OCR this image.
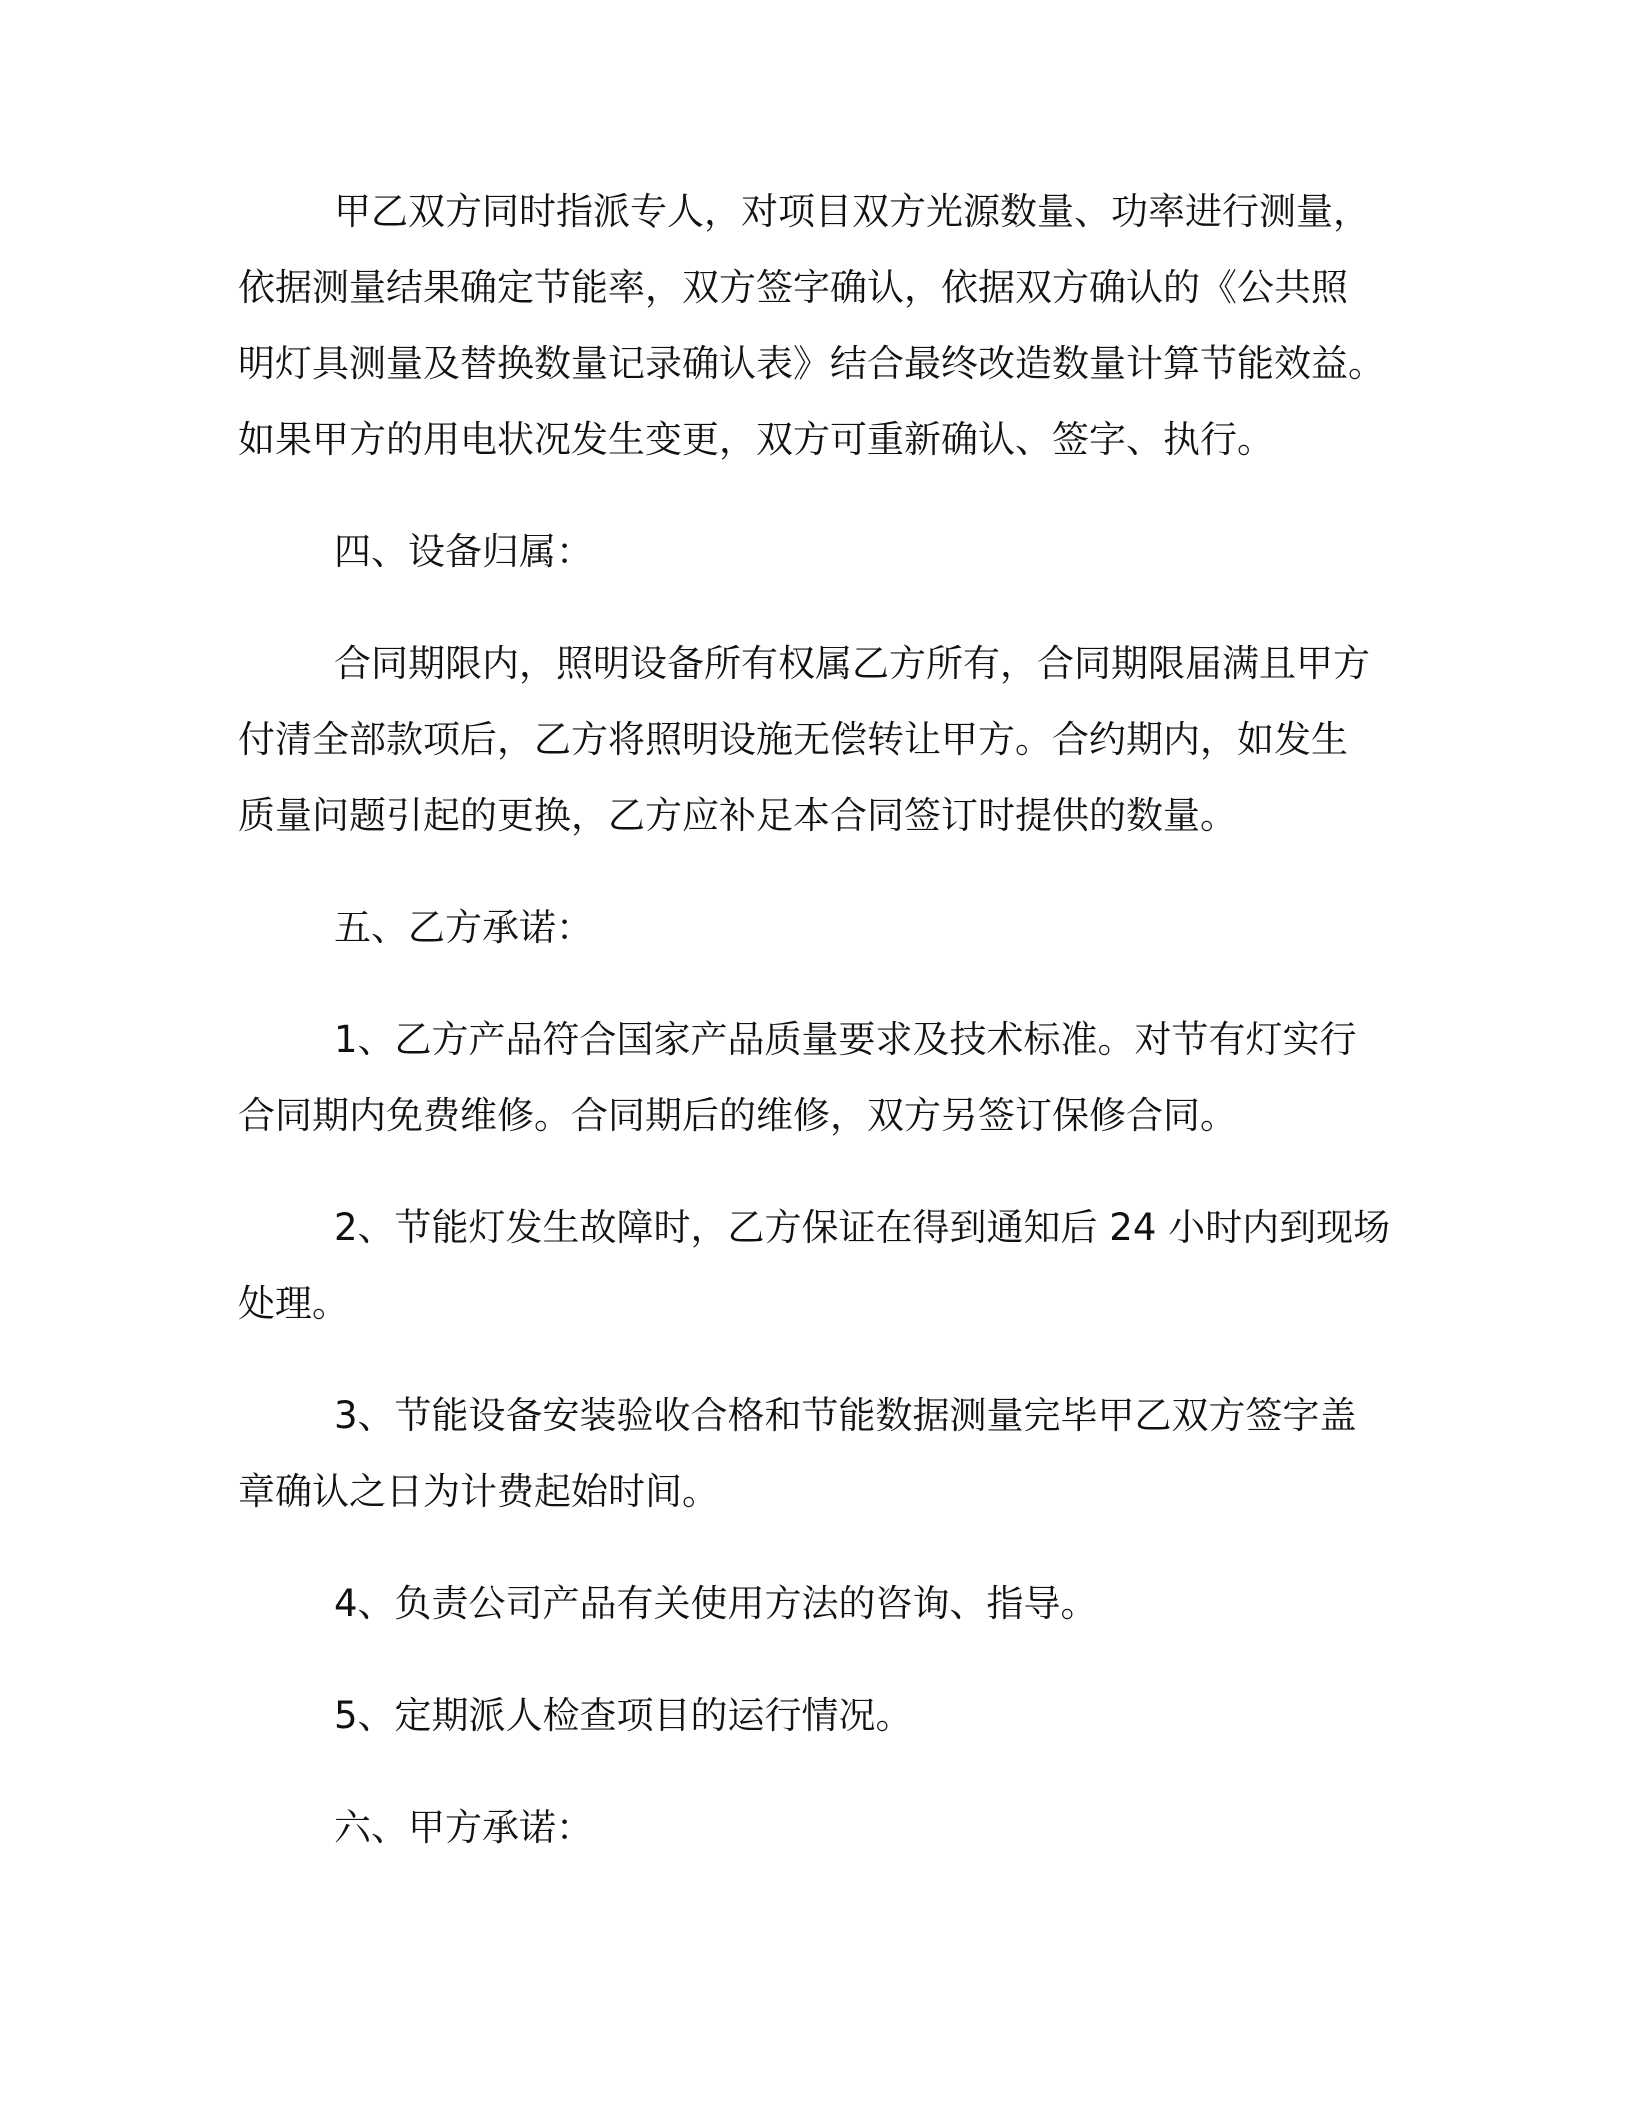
甲乙双方同时指派专人，对项目双方光源数量、功率进行测量，
依据测量结果确定节能率，双方签字确认，依据双方确认的《公共照
明灯具测量及替换数量记录确认表》结合最终改造数量计算节能效益。
如果甲方的用电状况发生变更，双方可重新确认、签字、执行。
四、设备归属：
合同期限内，照明设备所有权属乙方所有，合同期限届满且甲方
付清全部款项后，乙方将照明设施无偿转让甲方。合约期内，如发生
质量问题引起的更换，乙方应补足本合同签订时提供的数量。
五、乙方承诺：
1、乙方产品符合国家产品质量要求及技术标准。对节有灯实行
合同期内免费维修。合同期后的维修，双方另签订保修合同。
2、节能灯发生故障时，乙方保证在得到通知后 24 小时内到现场
处理。
3、节能设备安装验收合格和节能数据测量完毕甲乙双方签字盖
章确认之日为计费起始时间。
4、负责公司产品有关使用方法的咨询、指导。
5、定期派人检查项目的运行情况。
六、甲方承诺：
